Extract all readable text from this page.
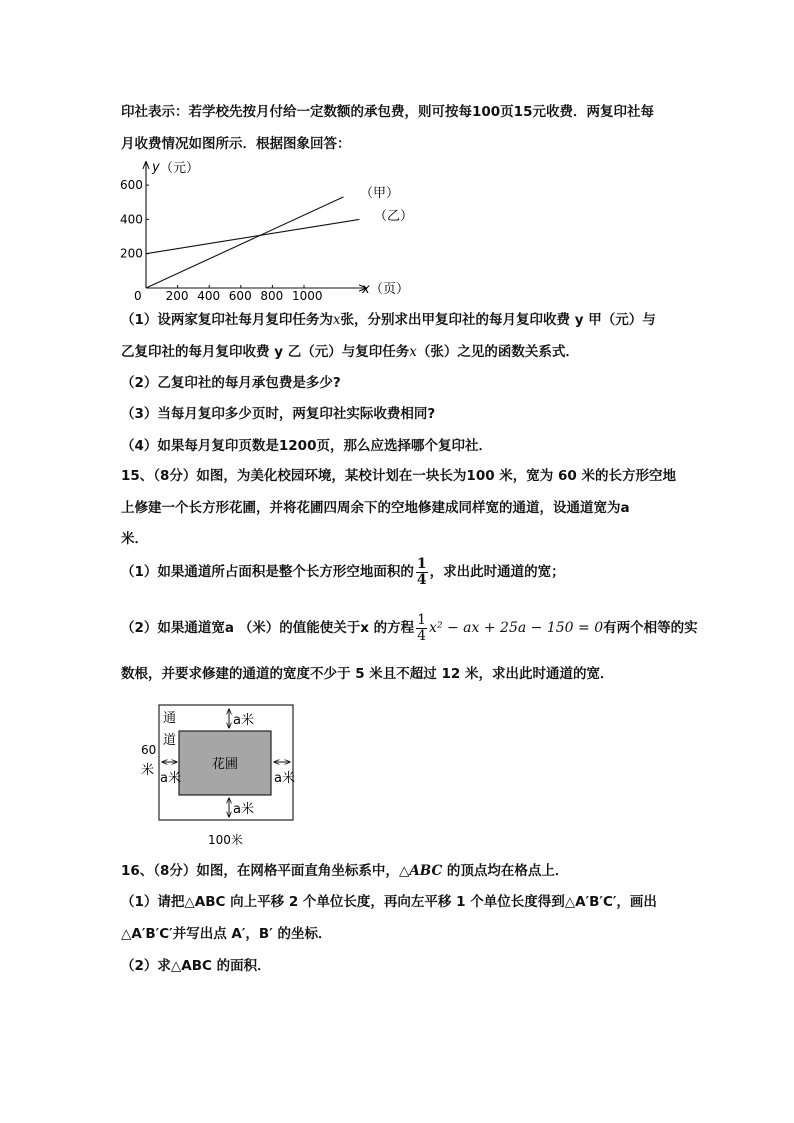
印社表示：若学校先按月付给一定数额的承包费，则可按每100页15元收费．两复印社每
月收费情况如图所示．根据图象回答：
200 400 600 800 1000
600
400
200
y （元）
x （页）
0
（甲）
（乙）
（1）设两家复印社每月复印任务为x张，分别求出甲复印社的每月复印收费 y 甲（元）与
乙复印社的每月复印收费 y 乙（元）与复印任务x（张）之见的函数关系式．
（2）乙复印社的每月承包费是多少?
（3）当每月复印多少页时，两复印社实际收费相同?
（4）如果每月复印页数是1200页，那么应选择哪个复印社．
15、（8分）如图，为美化校园环境，某校计划在一块长为100 米，宽为 60 米的长方形空地
上修建一个长方形花圃，并将花圃四周余下的空地修建成同样宽的通道，设通道宽为a
米．
（1）如果通道所占面积是整个长方形空地面积的 $\frac{1}{4}$ ，求出此时通道的宽；
（2）如果通道宽a （米）的值能使关于x 的方程 $\frac{1}{4} x^2$ − ax + 25a − 150 = 0有两个相等的实
数根，并要求修建的通道的宽度不少于 5 米且不超过 12 米，求出此时通道的宽．
花圃
通
道
a米
a米
a米	a米
60
米
100米
16、（8分）如图，在网格平面直角坐标系中，△ABC 的顶点均在格点上．
（1）请把△ABC 向上平移 2 个单位长度，再向左平移 1 个单位长度得到△A′B′C′，画出
△A′B′C′并写出点 A′，B′ 的坐标．
（2）求△ABC 的面积．
